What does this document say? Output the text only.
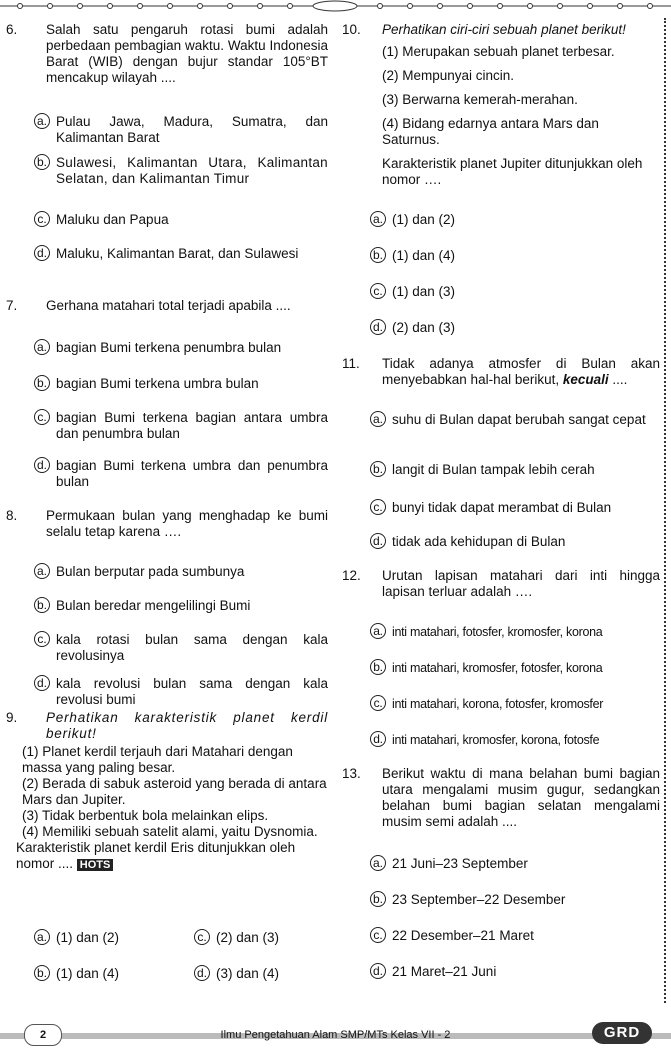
6. Salah satu pengaruh rotasi bumi adalah perbedaan pembagian waktu. Waktu Indonesia Barat (WIB) dengan bujur standar 105°BT mencakup wilayah ....
a. Pulau Jawa, Madura, Sumatra, dan Kalimantan Barat
b. Sulawesi, Kalimantan Utara, Kalimantan Selatan, dan Kalimantan Timur
c. Maluku dan Papua
d. Maluku, Kalimantan Barat, dan Sulawesi
7. Gerhana matahari total terjadi apabila ....
a. bagian Bumi terkena penumbra bulan
b. bagian Bumi terkena umbra bulan
c. bagian Bumi terkena bagian antara umbra dan penumbra bulan
d. bagian Bumi terkena umbra dan penumbra bulan
8. Permukaan bulan yang menghadap ke bumi selalu tetap karena ….
a. Bulan berputar pada sumbunya
b. Bulan beredar mengelilingi Bumi
c. kala rotasi bulan sama dengan kala revolusinya
d. kala revolusi bulan sama dengan kala revolusi bumi
9. Perhatikan karakteristik planet kerdil berikut!
(1) Planet kerdil terjauh dari Matahari dengan massa yang paling besar.
(2) Berada di sabuk asteroid yang berada di antara Mars dan Jupiter.
(3) Tidak berbentuk bola melainkan elips.
(4) Memiliki sebuah satelit alami, yaitu Dysnomia.
Karakteristik planet kerdil Eris ditunjukkan oleh nomor .... HOTS
a. (1) dan (2)
b. (1) dan (4)
c. (2) dan (3)
d. (3) dan (4)
10. Perhatikan ciri-ciri sebuah planet berikut!
(1) Merupakan sebuah planet terbesar.
(2) Mempunyai cincin.
(3) Berwarna kemerah-merahan.
(4) Bidang edarnya antara Mars dan Saturnus.
Karakteristik planet Jupiter ditunjukkan oleh nomor ….
a. (1) dan (2)
b. (1) dan (4)
c. (1) dan (3)
d. (2) dan (3)
11. Tidak adanya atmosfer di Bulan akan menyebabkan hal-hal berikut, kecuali ....
a. suhu di Bulan dapat berubah sangat cepat
b. langit di Bulan tampak lebih cerah
c. bunyi tidak dapat merambat di Bulan
d. tidak ada kehidupan di Bulan
12. Urutan lapisan matahari dari inti hingga lapisan terluar adalah ….
a. inti matahari, fotosfer, kromosfer, korona
b. inti matahari, kromosfer, fotosfer, korona
c. inti matahari, korona, fotosfer, kromosfer
d. inti matahari, kromosfer, korona, fotosfe
13. Berikut waktu di mana belahan bumi bagian utara mengalami musim gugur, sedangkan belahan bumi bagian selatan mengalami musim semi adalah ....
a. 21 Juni–23 September
b. 23 September–22 Desember
c. 22 Desember–21 Maret
d. 21 Maret–21 Juni
2	Ilmu Pengetahuan Alam SMP/MTs Kelas VII - 2	GRD
